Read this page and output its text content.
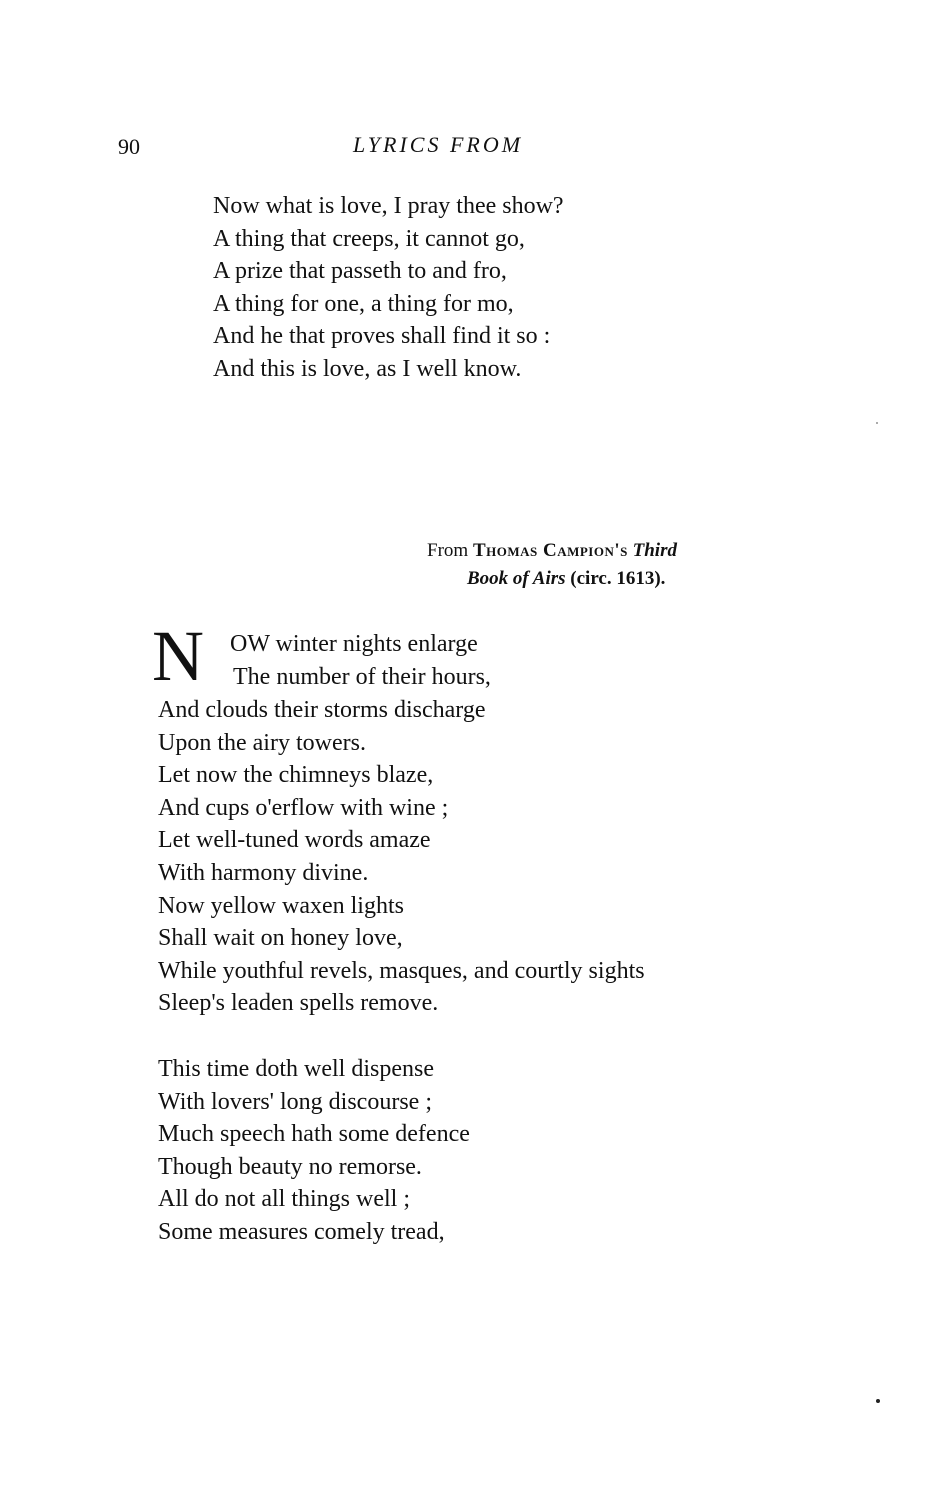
90	LYRICS FROM
Now what is love, I pray thee show?
A thing that creeps, it cannot go,
A prize that passeth to and fro,
A thing for one, a thing for mo,
And he that proves shall find it so :
And this is love, as I well know.
From Thomas Campion's Third
Book of Airs (circ. 1613).
N OW winter nights enlarge
The number of their hours,
And clouds their storms discharge
Upon the airy towers.
Let now the chimneys blaze,
And cups o'erflow with wine ;
Let well-tuned words amaze
With harmony divine.
Now yellow waxen lights
Shall wait on honey love,
While youthful revels, masques, and courtly sights
Sleep's leaden spells remove.
This time doth well dispense
With lovers' long discourse ;
Much speech hath some defence
Though beauty no remorse.
All do not all things well ;
Some measures comely tread,
